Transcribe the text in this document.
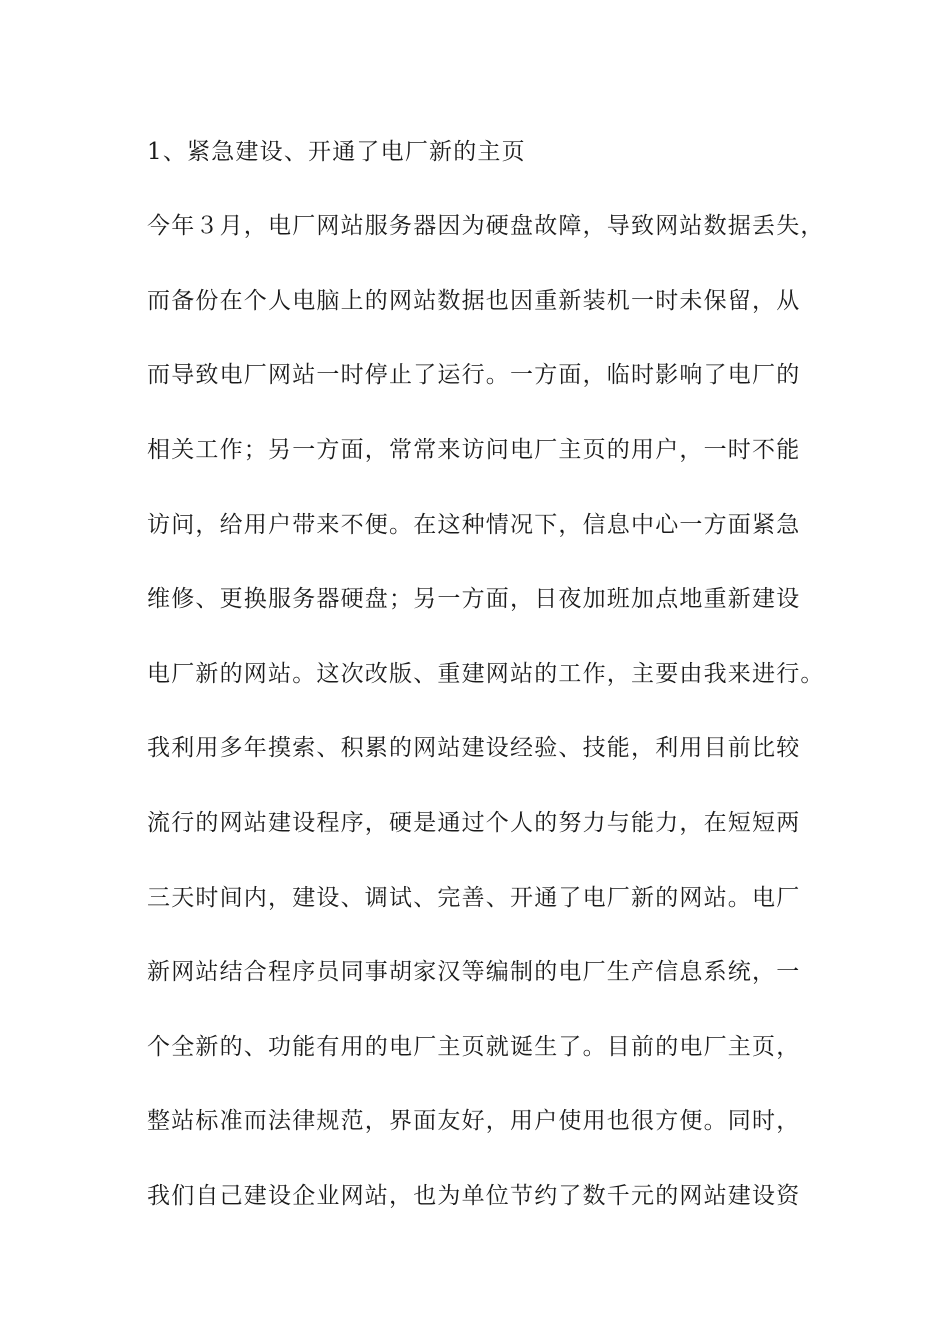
1、紧急建设、开通了电厂新的主页
今年３月，电厂网站服务器因为硬盘故障，导致网站数据丢失，
而备份在个人电脑上的网站数据也因重新装机一时未保留，从
而导致电厂网站一时停止了运行。一方面，临时影响了电厂的
相关工作；另一方面，常常来访问电厂主页的用户，一时不能
访问，给用户带来不便。在这种情况下，信息中心一方面紧急
维修、更换服务器硬盘；另一方面，日夜加班加点地重新建设
电厂新的网站。这次改版、重建网站的工作，主要由我来进行。
我利用多年摸索、积累的网站建设经验、技能，利用目前比较
流行的网站建设程序，硬是通过个人的努力与能力，在短短两
三天时间内，建设、调试、完善、开通了电厂新的网站。电厂
新网站结合程序员同事胡家汉等编制的电厂生产信息系统，一
个全新的、功能有用的电厂主页就诞生了。目前的电厂主页，
整站标准而法律规范，界面友好，用户使用也很方便。同时，
我们自己建设企业网站，也为单位节约了数千元的网站建设资
